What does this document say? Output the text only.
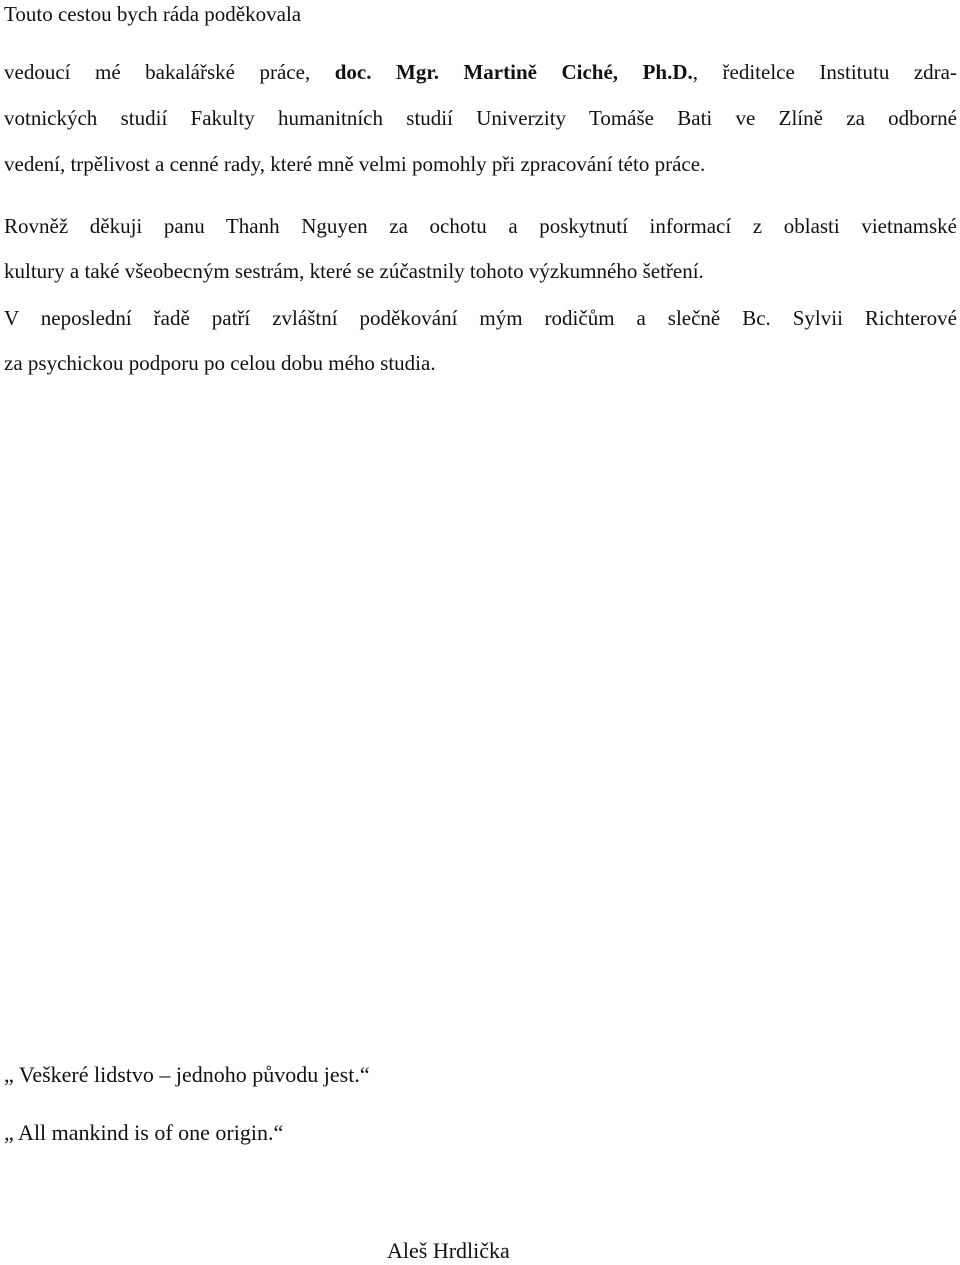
Touto cestou bych ráda poděkovala

vedoucí mé bakalářské práce, doc. Mgr. Martině Ciché, Ph.D., ředitelce Institutu zdra-

votnických studií Fakulty humanitních studií Univerzity Tomáše Bati ve Zlíně za odborné

vedení, trpělivost a cenné rady, které mně velmi pomohly při zpracování této práce.

Rovněž děkuji panu Thanh Nguyen za ochotu a poskytnutí informací z oblasti vietnamské

kultury a také všeobecným sestrám, které se zúčastnily tohoto výzkumného šetření.

V neposlední řadě patří zvláštní poděkování mým rodičům a slečně Bc. Sylvii Richterové

za psychickou podporu po celou dobu mého studia.

„ Veškeré lidstvo – jednoho původu jest.“

„ All mankind is of one origin.“

Aleš Hrdlička
